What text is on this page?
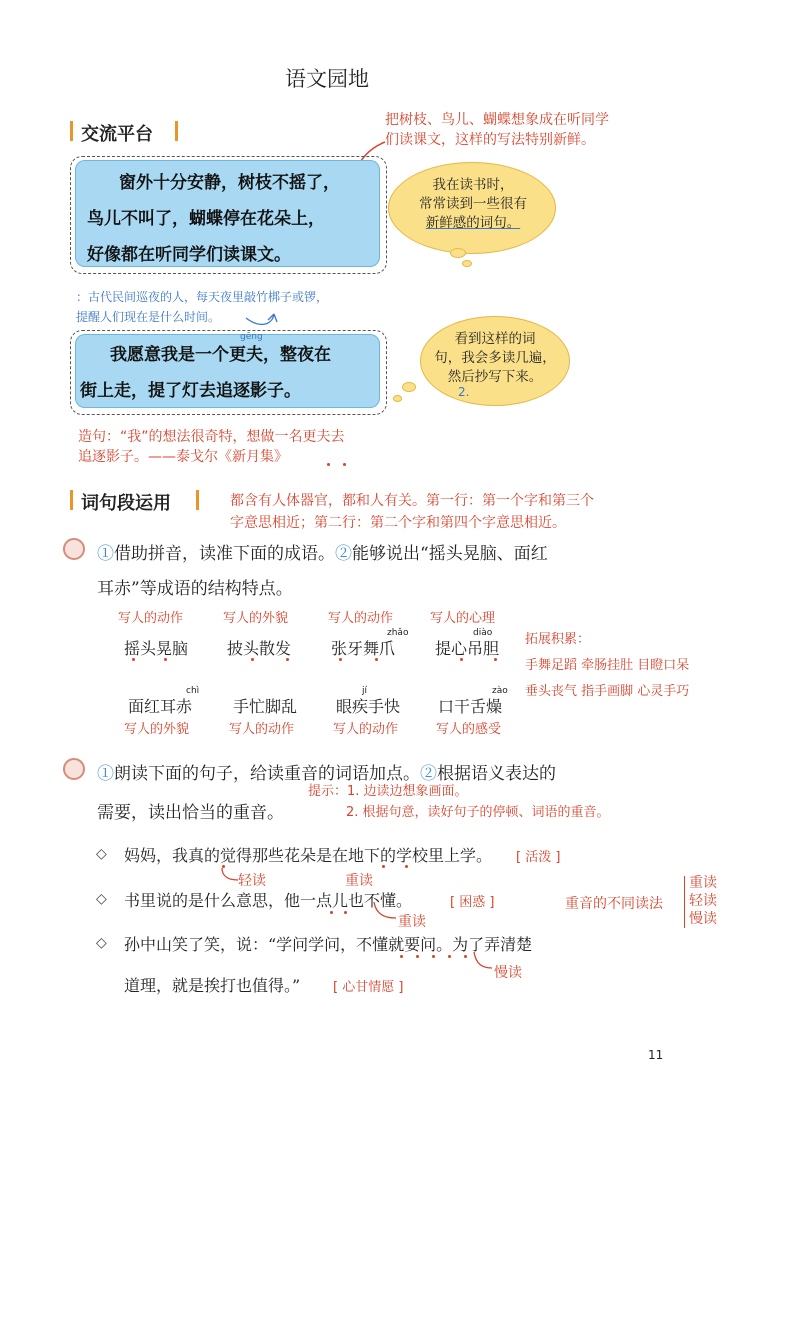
语文园地
交流平台
把树枝、鸟儿、蝴蝶想象成在听同学
们读课文，这样的写法特别新鲜。
窗外十分安静，树枝不摇了，
鸟儿不叫了，蝴蝶停在花朵上，
好像都在听同学们读课文。
我在读书时，
常常读到一些很有
新鲜感的词句。
：古代民间巡夜的人，每天夜里敲竹梆子或锣，
提醒人们现在是什么时间。
gēng
我愿意我是一个更夫，整夜在
街上走，提了灯去追逐影子。
看到这样的词
句，我会多读几遍，
然后抄写下来。
2.
造句：“我”的想法很奇特，想做一名更夫去
追逐影子。——泰戈尔《新月集》
词句段运用	都含有人体器官，都和人有关。第一行：第一个字和第三个
字意思相近；第二行：第二个字和第四个字意思相近。
①借助拼音，读准下面的成语。②能够说出“摇头晃脑、面红
耳赤”等成语的结构特点。
写人的动作	写人的外貌	写人的动作	写人的心理
zhǎo	diào
摇头晃脑 披头散发 张牙舞爪 提心吊胆 拓展积累：
手舞足蹈 牵肠挂肚 目瞪口呆
垂头丧气 指手画脚 心灵手巧
chì	jí	zào
面红耳赤	手忙脚乱 眼疾手快 口干舌燥
写人的外貌	写人的动作	写人的动作	写人的感受
①朗读下面的句子，给读重音的词语加点。②根据语义表达的
需要，读出恰当的重音。
提示：1. 边读边想象画面。
2. 根据句意，读好句子的停顿、词语的重音。
◇ 妈妈，我真的觉得那些花朵是在地下的学校里上学。 [ 活泼 ]
轻读	重读
◇ 书里说的是什么意思，他一点儿也不懂。	[ 困惑 ]
重读
重音的不同读法
重读
轻读
慢读
◇ 孙中山笑了笑，说：“学问学问，不懂就要问。为了弄清楚
慢读
道理，就是挨打也值得。”	[ 心甘情愿 ]
11
